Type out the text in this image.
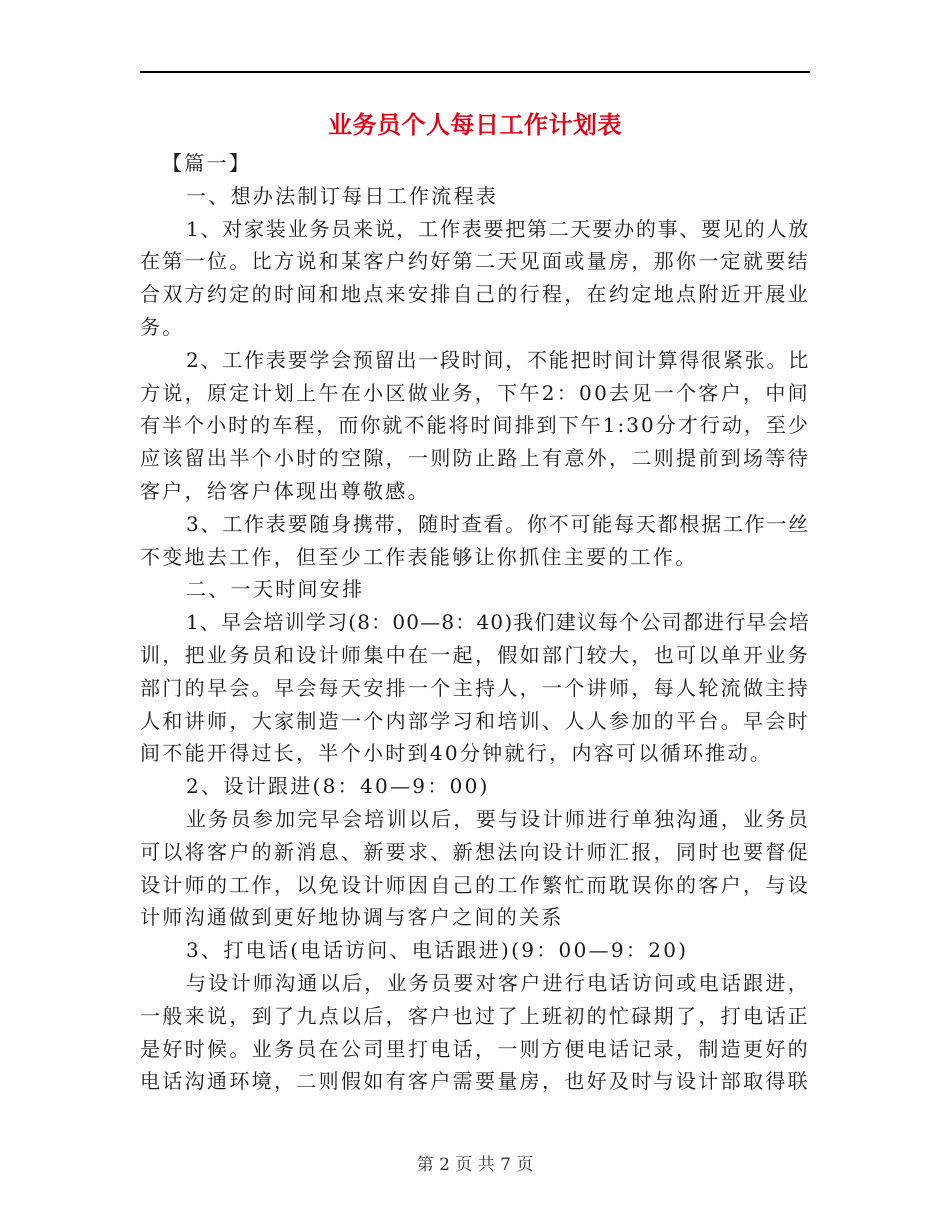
业务员个人每日工作计划表
【篇一】
一、想办法制订每日工作流程表
1、对家装业务员来说，工作表要把第二天要办的事、要见的人放
在第一位。比方说和某客户约好第二天见面或量房，那你一定就要结
合双方约定的时间和地点来安排自己的行程，在约定地点附近开展业
务。
2、工作表要学会预留出一段时间，不能把时间计算得很紧张。比
方说，原定计划上午在小区做业务，下午2：00去见一个客户，中间
有半个小时的车程，而你就不能将时间排到下午1:30分才行动，至少
应该留出半个小时的空隙，一则防止路上有意外，二则提前到场等待
客户，给客户体现出尊敬感。
3、工作表要随身携带，随时查看。你不可能每天都根据工作一丝
不变地去工作，但至少工作表能够让你抓住主要的工作。
二、一天时间安排
1、早会培训学习(8：00—8：40)我们建议每个公司都进行早会培
训，把业务员和设计师集中在一起，假如部门较大，也可以单开业务
部门的早会。早会每天安排一个主持人，一个讲师，每人轮流做主持
人和讲师，大家制造一个内部学习和培训、人人参加的平台。早会时
间不能开得过长，半个小时到40分钟就行，内容可以循环推动。
2、设计跟进(8：40—9：00)
业务员参加完早会培训以后，要与设计师进行单独沟通，业务员
可以将客户的新消息、新要求、新想法向设计师汇报，同时也要督促
设计师的工作，以免设计师因自己的工作繁忙而耽误你的客户，与设
计师沟通做到更好地协调与客户之间的关系
3、打电话(电话访问、电话跟进)(9：00—9：20)
与设计师沟通以后，业务员要对客户进行电话访问或电话跟进，
一般来说，到了九点以后，客户也过了上班初的忙碌期了，打电话正
是好时候。业务员在公司里打电话，一则方便电话记录，制造更好的
电话沟通环境，二则假如有客户需要量房，也好及时与设计部取得联
第 2 页 共 7 页
